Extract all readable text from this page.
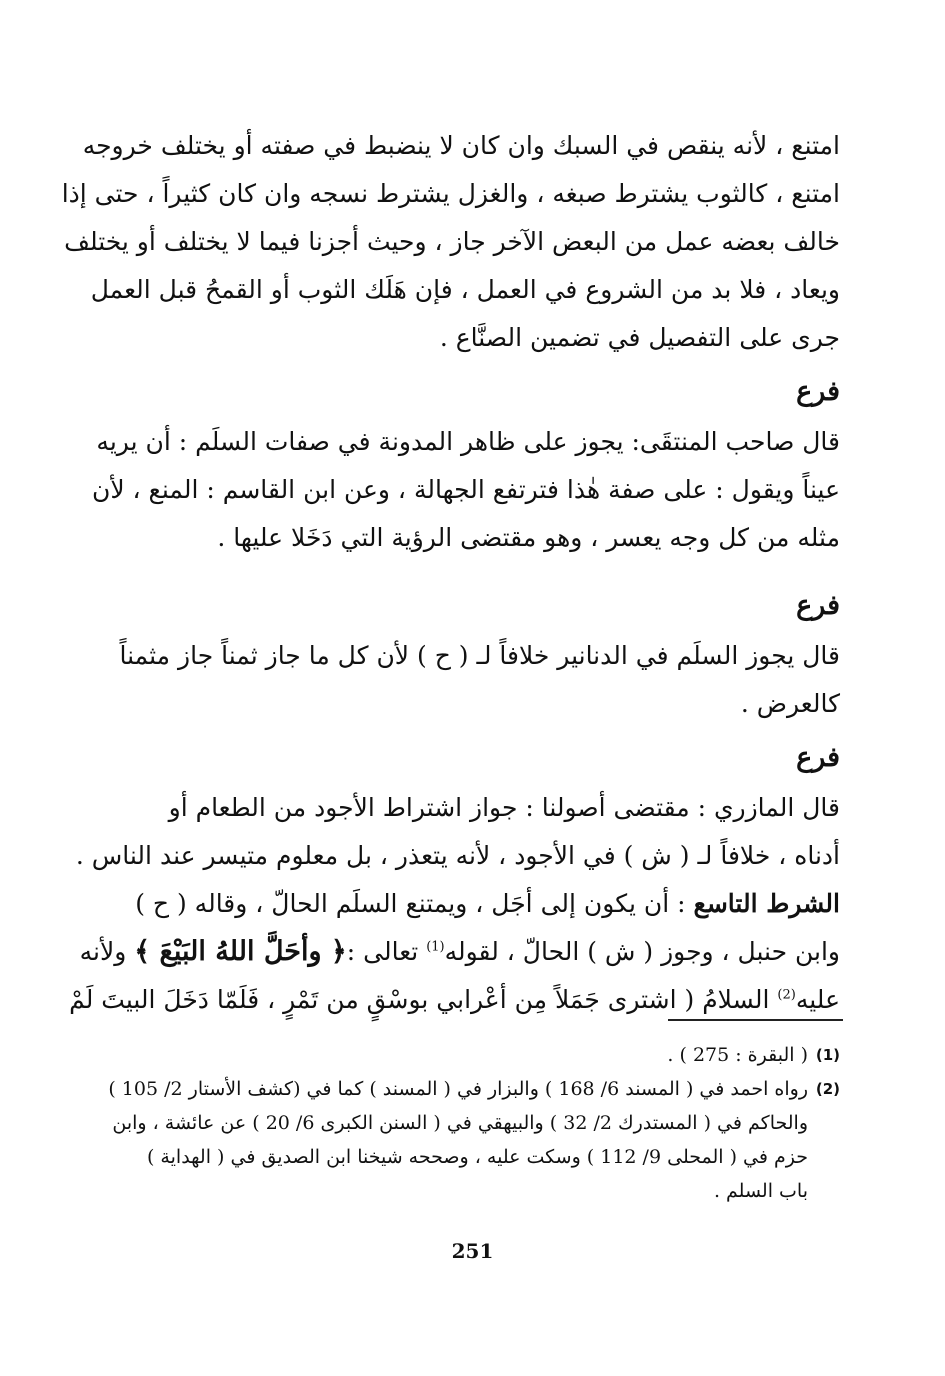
امتنع ، لأنه ينقص في السبك وان كان لا ينضبط في صفته أو يختلف خروجه
امتنع ، كالثوب يشترط صبغه ، والغزل يشترط نسجه وان كان كثيراً ، حتى إذا
خالف بعضه عمل من البعض الآخر جاز ، وحيث أجزنا فيما لا يختلف أو يختلف
ويعاد ، فلا بد من الشروع في العمل ، فإن هَلَك الثوب أو القمحُ قبل العمل
جرى على التفصيل في تضمين الصنَّاع .
فرع
قال صاحب المنتقَى: يجوز على ظاهر المدونة في صفات السلَم : أن يريه
عيناً ويقول : على صفة هٰذا فترتفع الجهالة ، وعن ابن القاسم : المنع ، لأن
مثله من كل وجه يعسر ، وهو مقتضى الرؤية التي دَخَلا عليها .
فرع
قال يجوز السلَم في الدنانير خلافاً لـ ( ح ) لأن كل ما جاز ثمناً جاز مثمناً
كالعرض .
فرع
قال المازري : مقتضى أصولنا : جواز اشتراط الأجود من الطعام أو
أدناه ، خلافاً لـ ( ش ) في الأجود ، لأنه يتعذر ، بل معلوم متيسر عند الناس .
الشرط التاسع : أن يكون إلى أجَل ، ويمتنع السلَم الحالّ ، وقاله ( ح )
وابن حنبل ، وجوز ( ش ) الحالّ ، لقوله$^{(1)}$ تعالى :﴿ وأحَلَّ اللهُ البَيْعَ ﴾ ولأنه
عليه$^{(2)}$ السلامُ ( اشترى جَمَلاً مِن أعْرابي بوسْقٍ من تَمْرٍ ، فَلَمّا دَخَلَ البيتَ لَمْ
(1)
( البقرة : 275 ) .
(2)
رواه احمد في ( المسند 6/ 168 ) والبزار في ( المسند ) كما في (كشف الأستار 2/ 105 )
والحاكم في ( المستدرك 2/ 32 ) والبيهقي في ( السنن الكبرى 6/ 20 ) عن عائشة ، وابن
حزم في ( المحلى 9/ 112 ) وسكت عليه ، وصححه شيخنا ابن الصديق في ( الهداية )
باب السلم .
251
